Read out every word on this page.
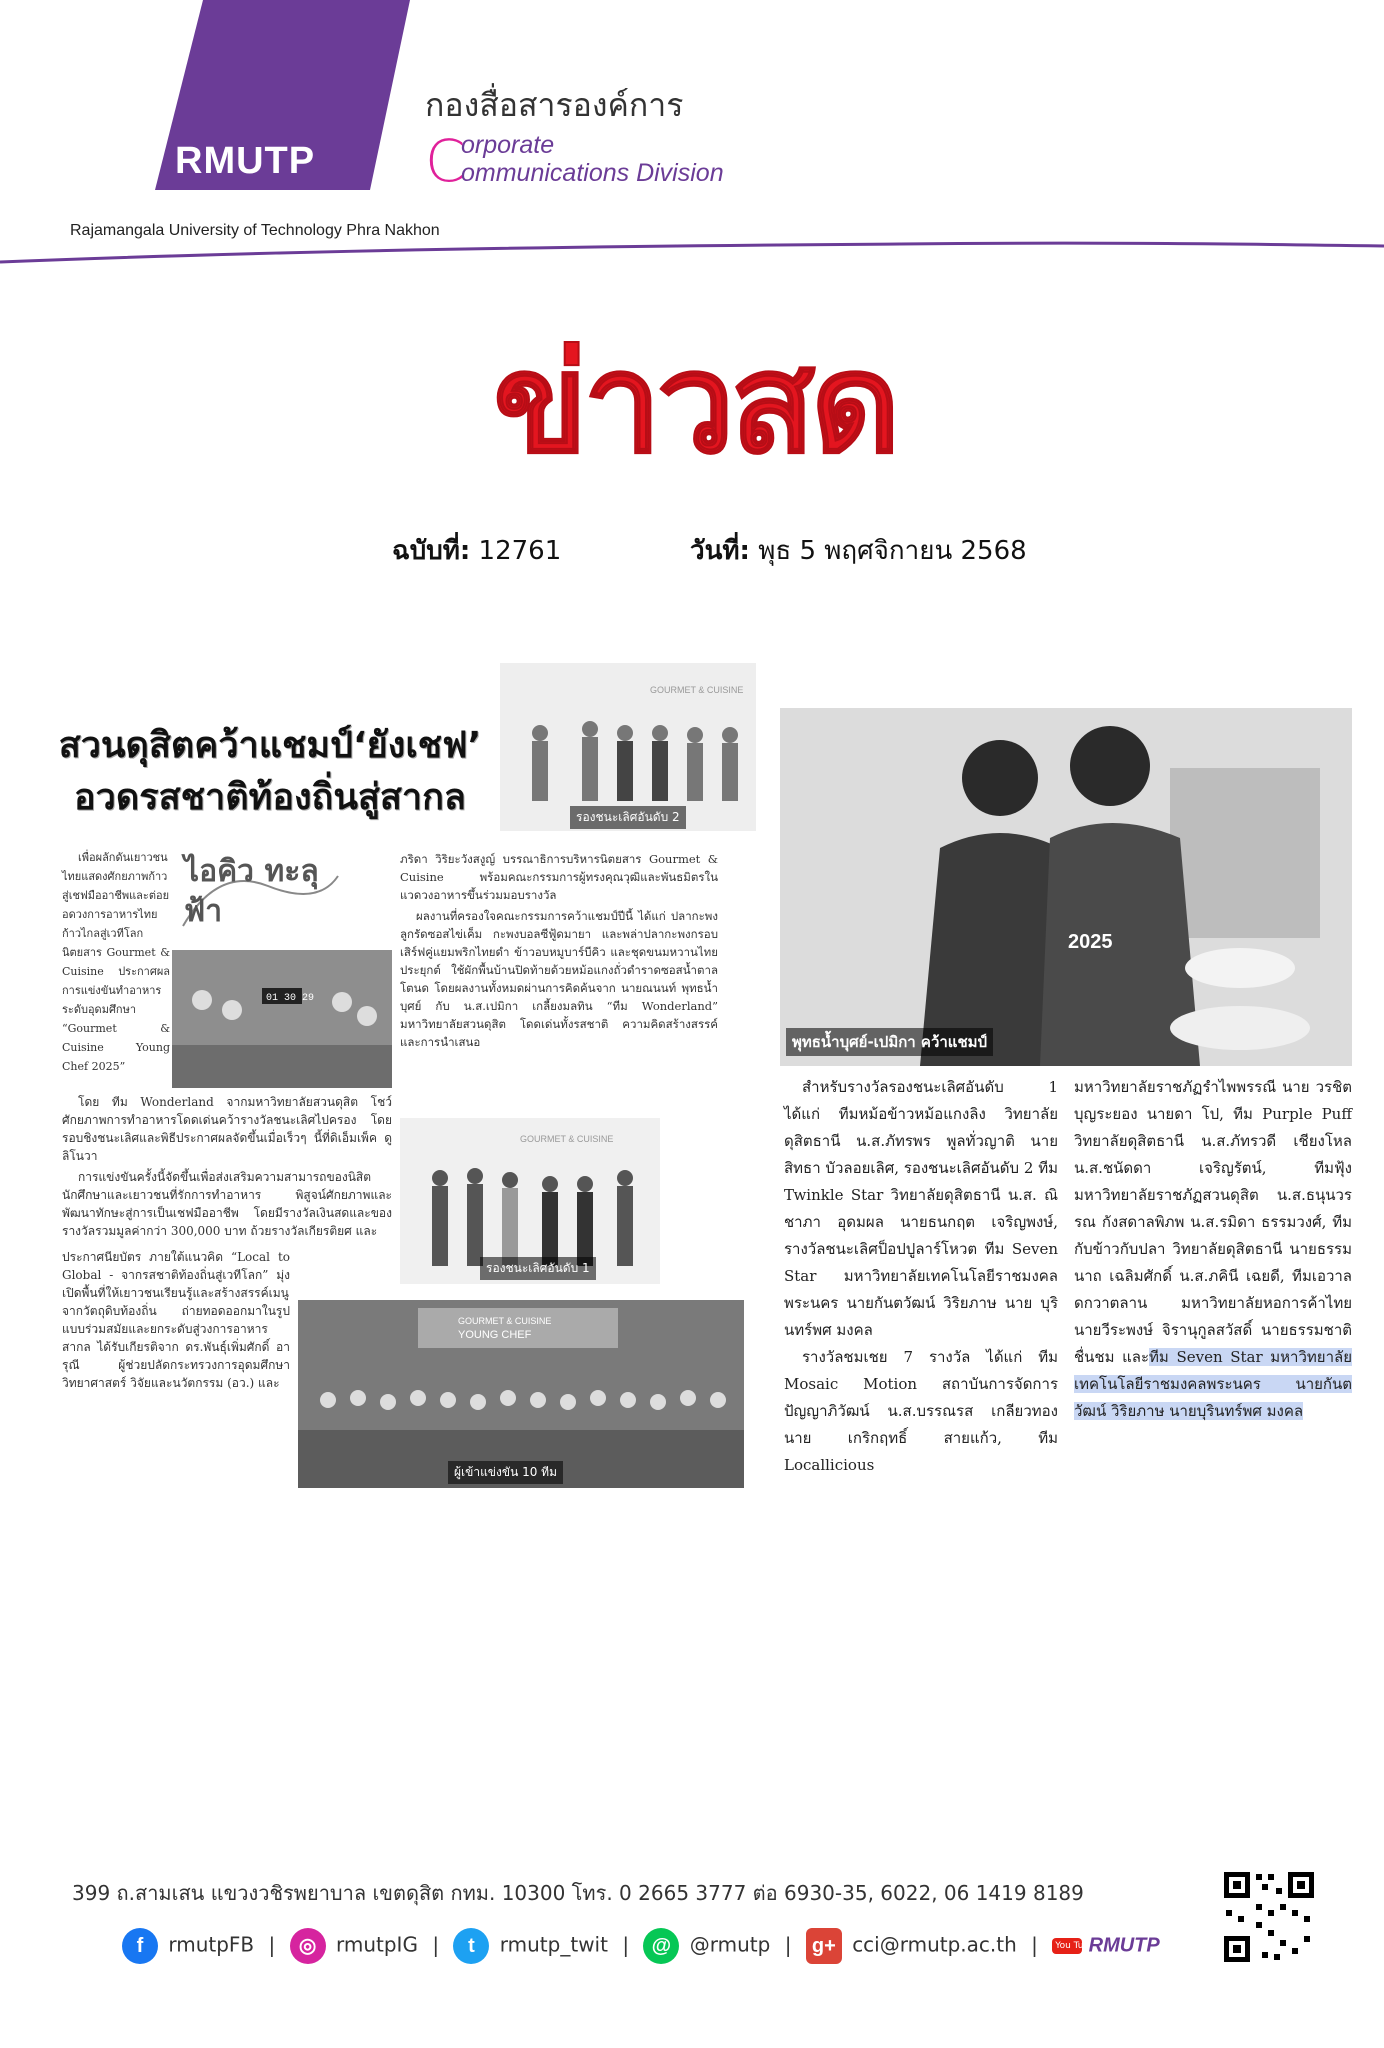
RMUTP
กองสื่อสารองค์การ
C
orporate
ommunications Division
Rajamangala University of Technology Phra Nakhon
ข่าวสด
ฉบับที่: 12761	วันที่: พุธ 5 พฤศจิกายน 2568
สวนดุสิตคว้าแชมป์‘ยังเชฟ’
อวดรสชาติท้องถิ่นสู่สากล
GOURMET & CUISINE
รองชนะเลิศอันดับ 2
ไอคิว ทะลุฟ้า

เพื่อผลักดันเยาวชนไทยแสดงศักยภาพก้าวสู่เชฟมืออาชีพและต่อยอดวงการอาหารไทยก้าวไกลสู่เวทีโลก นิตยสาร Gourmet & Cuisine ประกาศผลการแข่งขันทำอาหารระดับอุดมศึกษา “Gourmet & Cuisine Young Chef 2025”

01 30 29

โดย ทีม Wonderland จากมหาวิทยาลัยสวนดุสิต โชว์ศักยภาพการทำอาหารโดดเด่นคว้ารางวัลชนะเลิศไปครอง โดยรอบชิงชนะเลิศและพิธีประกาศผลจัดขึ้นเมื่อเร็วๆ นี้ที่ดิเอ็มเพ็ค ดูลิโนวา

การแข่งขันครั้งนี้จัดขึ้นเพื่อส่งเสริมความสามารถของนิสิตนักศึกษาและเยาวชนที่รักการทำอาหาร พิสูจน์ศักยภาพและพัฒนาทักษะสู่การเป็นเชฟมืออาชีพ โดยมีรางวัลเงินสดและของรางวัลรวมมูลค่ากว่า 300,000 บาท ถ้วยรางวัลเกียรติยศ และ

ประกาศนียบัตร ภายใต้แนวคิด “Local to Global - จากรสชาติท้องถิ่นสู่เวทีโลก” มุ่งเปิดพื้นที่ให้เยาวชนเรียนรู้และสร้างสรรค์เมนูจากวัตถุดิบท้องถิ่น ถ่ายทอดออกมาในรูปแบบร่วมสมัยและยกระดับสู่วงการอาหารสากล ได้รับเกียรติจาก ดร.พันธุ์เพิ่มศักดิ์ อารุณี ผู้ช่วยปลัดกระทรวงการอุดมศึกษา วิทยาศาสตร์ วิจัยและนวัตกรรม (อว.) และ

ภริดา วิริยะวังสงูญ์ บรรณาธิการบริหารนิตยสาร Gourmet & Cuisine พร้อมคณะกรรมการผู้ทรงคุณวุฒิและพันธมิตรในแวดวงอาหารขึ้นร่วมมอบรางวัล

ผลงานที่ครองใจคณะกรรมการคว้าแชมป์ปีนี้ ได้แก่ ปลากะพงลูกรัดซอสไข่เค็ม กะพงบอลซีฟู้ดมายา และพล่าปลากะพงกรอบ เสิร์ฟคู่แยมพริกไทยดำ ข้าวอบหมูบาร์บีคิว และชุดขนมหวานไทยประยุกต์ ใช้ผักพื้นบ้านปิดท้ายด้วยหม้อแกงถั่วดำราดซอสน้ำตาลโตนด โดยผลงานทั้งหมดผ่านการคิดค้นจาก นายณนนท์ พุทธน้ำบุศย์ กับ น.ส.เปมิกา เกลี้ยงมลทิน “ทีม Wonderland” มหาวิทยาลัยสวนดุสิต โดดเด่นทั้งรสชาติ ความคิดสร้างสรรค์และการนำเสนอ

GOURMET & CUISINE
รองชนะเลิศอันดับ 1
GOURMET & CUISINE
YOUNG CHEF
ผู้เข้าแข่งขัน 10 ทีม
2025
พุทธน้ำบุศย์-เปมิกา คว้าแชมป์

สำหรับรางวัลรองชนะเลิศอันดับ 1 ได้แก่ ทีมหม้อข้าวหม้อแกงลิง วิทยาลัยดุสิตธานี น.ส.ภัทรพร พูลทั่วญาติ นาย สิทธา บัวลอยเลิศ, รองชนะเลิศอันดับ 2 ทีม Twinkle Star วิทยาลัยดุสิตธานี น.ส. ณิชาภา อุดมผล นายธนกฤต เจริญพงษ์, รางวัลชนะเลิศป็อปปูลาร์โหวต ทีม Seven Star มหาวิทยาลัยเทคโนโลยีราชมงคล พระนคร นายกันตวัฒน์ วิริยภาษ นาย บุรินทร์พศ มงคล

รางวัลชมเชย 7 รางวัล ได้แก่ ทีม Mosaic Motion สถาบันการจัดการปัญญาภิวัฒน์ น.ส.บรรณรส เกลียวทอง นาย เกริกฤทธิ์ สายแก้ว, ทีม Locallicious

มหาวิทยาลัยราชภัฏรำไพพรรณี นาย วรชิต บุญระยอง นายดา โป, ทีม Purple Puff วิทยาลัยดุสิตธานี น.ส.ภัทรวดี เชียงโหล น.ส.ชนัดดา เจริญรัตน์, ทีมฟุ้ง มหาวิทยาลัยราชภัฏสวนดุสิต น.ส.ธนุนวรรณ กังสดาลพิภพ น.ส.รมิดา ธรรมวงศ์, ทีมกับข้าวกับปลา วิทยาลัยดุสิตธานี นายธรรมนาถ เฉลิมศักดิ์ น.ส.ภคินี เฉยดี, ทีมเอวาลดกวาตลาน มหาวิทยาลัยหอการค้าไทย นายวีระพงษ์ จิรานุกูลสวัสดิ์ นายธรรมชาติ ชื่นชม และทีม Seven Star มหาวิทยาลัยเทคโนโลยีราชมงคลพระนคร นายกันตวัฒน์ วิริยภาษ นายบุรินทร์พศ มงคล

399 ถ.สามเสน แขวงวชิรพยาบาล เขตดุสิต กทม. 10300 โทร. 0 2665 3777 ต่อ 6930-35, 6022, 06 1419 8189
f rmutpFB | ◎ rmutpIG | t rmutp_twit | @ @rmutp | g+ cci@rmutp.ac.th | You Tube RMUTP
